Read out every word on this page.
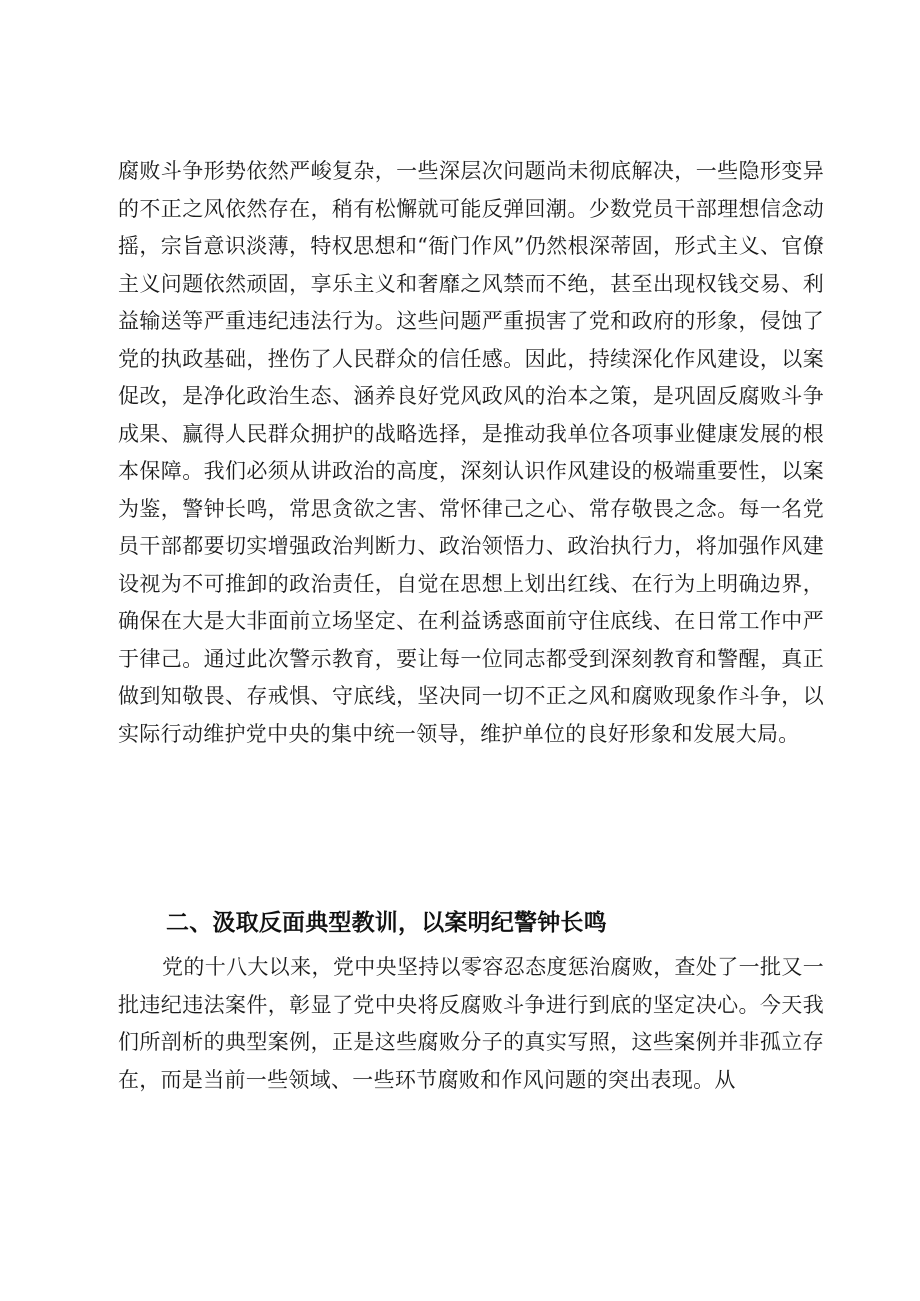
腐败斗争形势依然严峻复杂，一些深层次问题尚未彻底解决，一些隐形变异的不正之风依然存在，稍有松懈就可能反弹回潮。少数党员干部理想信念动摇，宗旨意识淡薄，特权思想和“衙门作风”仍然根深蒂固，形式主义、官僚主义问题依然顽固，享乐主义和奢靡之风禁而不绝，甚至出现权钱交易、利益输送等严重违纪违法行为。这些问题严重损害了党和政府的形象，侵蚀了党的执政基础，挫伤了人民群众的信任感。因此，持续深化作风建设，以案促改，是净化政治生态、涵养良好党风政风的治本之策，是巩固反腐败斗争成果、赢得人民群众拥护的战略选择，是推动我单位各项事业健康发展的根本保障。我们必须从讲政治的高度，深刻认识作风建设的极端重要性，以案为鉴，警钟长鸣，常思贪欲之害、常怀律己之心、常存敬畏之念。每一名党员干部都要切实增强政治判断力、政治领悟力、政治执行力，将加强作风建设视为不可推卸的政治责任，自觉在思想上划出红线、在行为上明确边界，确保在大是大非面前立场坚定、在利益诱惑面前守住底线、在日常工作中严于律己。通过此次警示教育，要让每一位同志都受到深刻教育和警醒，真正做到知敬畏、存戒惧、守底线，坚决同一切不正之风和腐败现象作斗争，以实际行动维护党中央的集中统一领导，维护单位的良好形象和发展大局。

二、汲取反面典型教训，以案明纪警钟长鸣

党的十八大以来，党中央坚持以零容忍态度惩治腐败，查处了一批又一批违纪违法案件，彰显了党中央将反腐败斗争进行到底的坚定决心。今天我们所剖析的典型案例，正是这些腐败分子的真实写照，这些案例并非孤立存在，而是当前一些领域、一些环节腐败和作风问题的突出表现。从
